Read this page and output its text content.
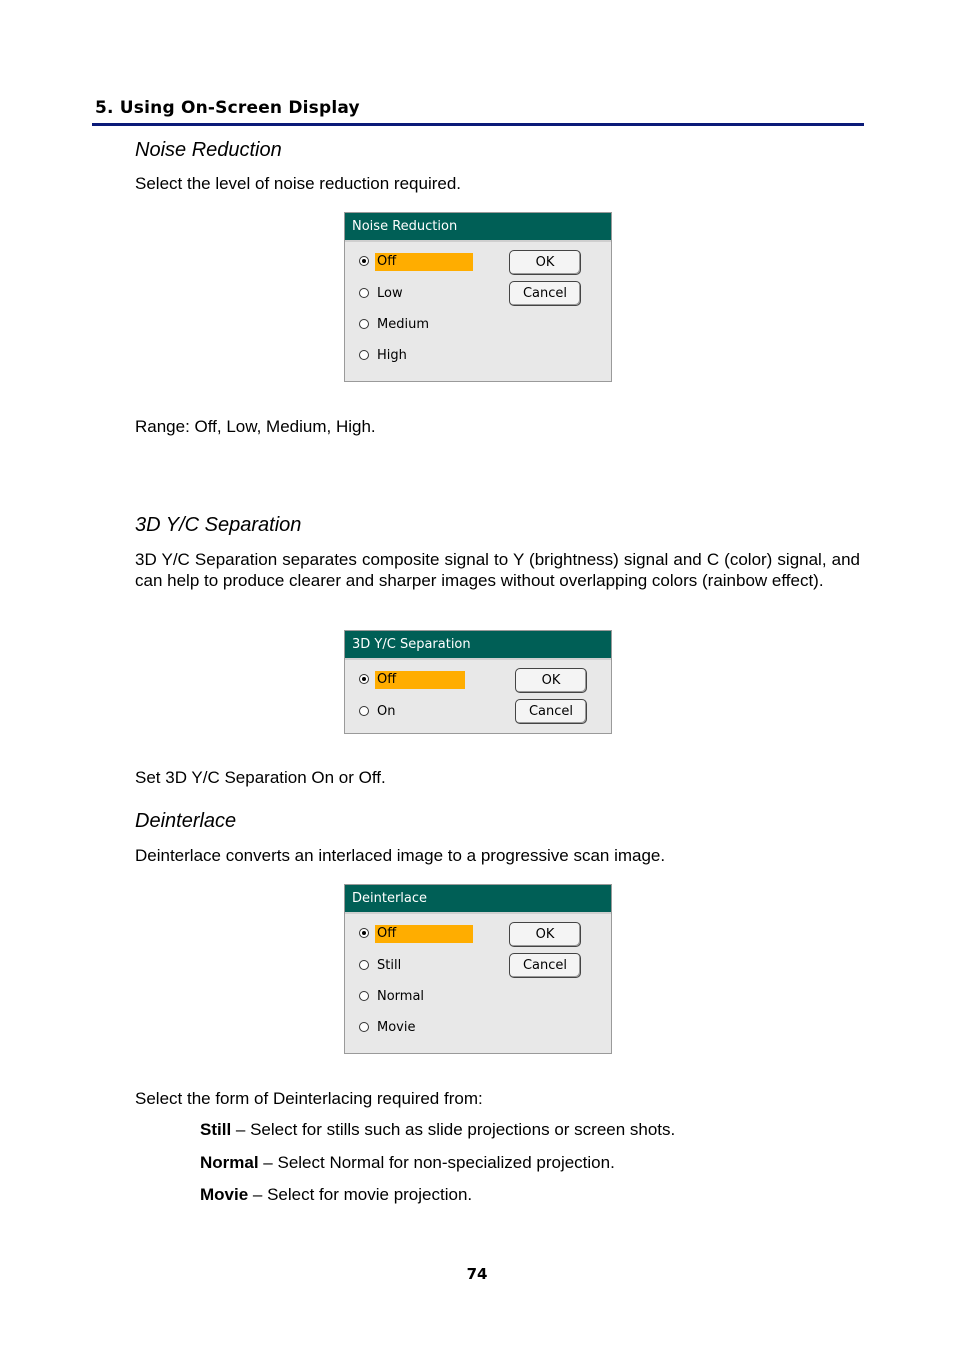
5. Using On-Screen Display
Noise Reduction
Select the level of noise reduction required.
Noise Reduction
Off
Low
Medium
High
OK
Cancel
Range: Off, Low, Medium, High.
3D Y/C Separation
3D Y/C Separation separates composite signal to Y (brightness) signal and C (color) signal, and can help to produce clearer and sharper images without overlapping colors (rainbow effect).
3D Y/C Separation
Off
On
OK
Cancel
Set 3D Y/C Separation On or Off.
Deinterlace
Deinterlace converts an interlaced image to a progressive scan image.
Deinterlace
Off
Still
Normal
Movie
OK
Cancel
Select the form of Deinterlacing required from:
Still – Select for stills such as slide projections or screen shots.
Normal – Select Normal for non-specialized projection.
Movie – Select for movie projection.
74
